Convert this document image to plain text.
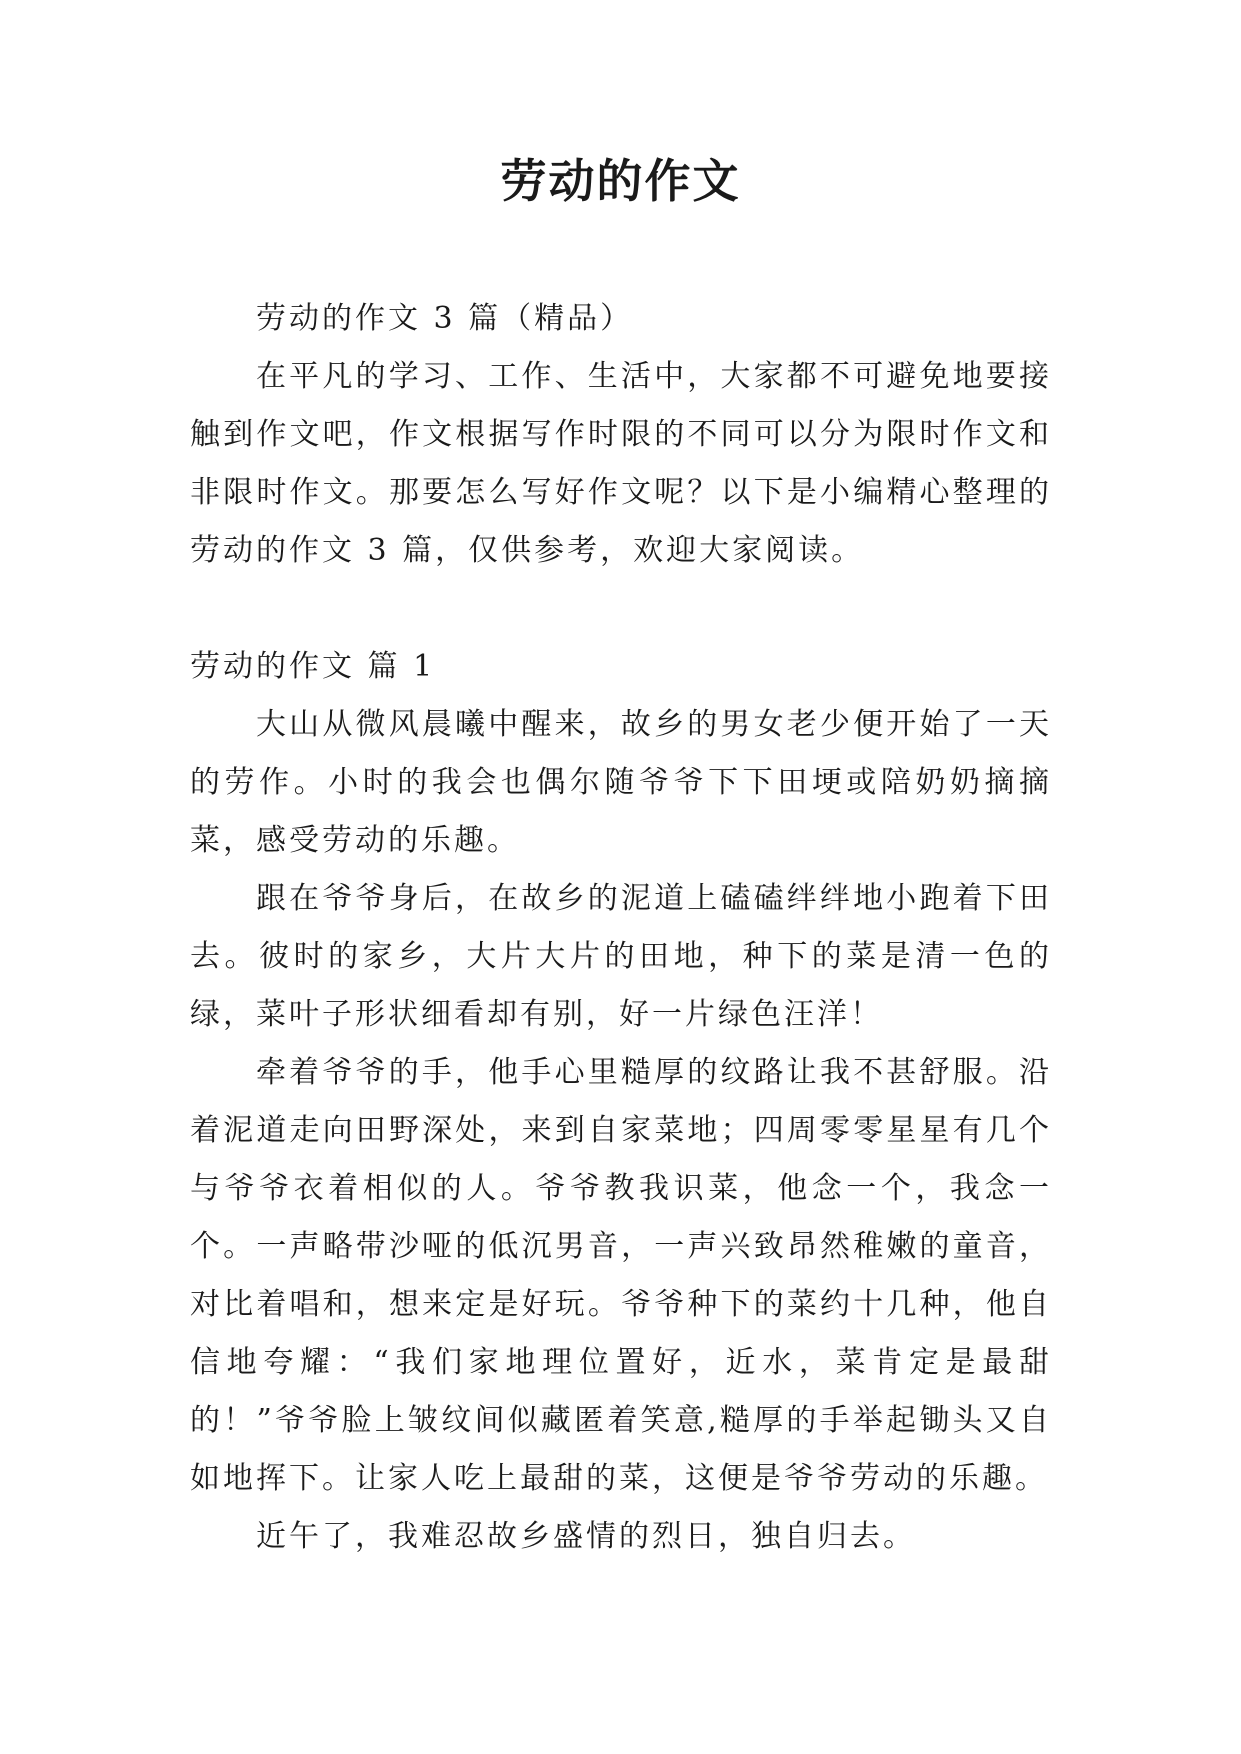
劳动的作文

劳动的作文 3 篇（精品）

在平凡的学习、工作、生活中，大家都不可避免地要接触到作文吧，作文根据写作时限的不同可以分为限时作文和非限时作文。那要怎么写好作文呢？以下是小编精心整理的劳动的作文 3 篇，仅供参考，欢迎大家阅读。

劳动的作文 篇 1

大山从微风晨曦中醒来，故乡的男女老少便开始了一天的劳作。小时的我会也偶尔随爷爷下下田埂或陪奶奶摘摘菜，感受劳动的乐趣。

跟在爷爷身后，在故乡的泥道上磕磕绊绊地小跑着下田去。彼时的家乡，大片大片的田地，种下的菜是清一色的绿，菜叶子形状细看却有别，好一片绿色汪洋！

牵着爷爷的手，他手心里糙厚的纹路让我不甚舒服。沿着泥道走向田野深处，来到自家菜地；四周零零星星有几个与爷爷衣着相似的人。爷爷教我识菜，他念一个，我念一个。一声略带沙哑的低沉男音，一声兴致昂然稚嫩的童音，对比着唱和，想来定是好玩。爷爷种下的菜约十几种，他自信地夸耀：“我们家地理位置好，近水，菜肯定是最甜的！”爷爷脸上皱纹间似藏匿着笑意,糙厚的手举起锄头又自如地挥下。让家人吃上最甜的菜，这便是爷爷劳动的乐趣。

近午了，我难忍故乡盛情的烈日，独自归去。
